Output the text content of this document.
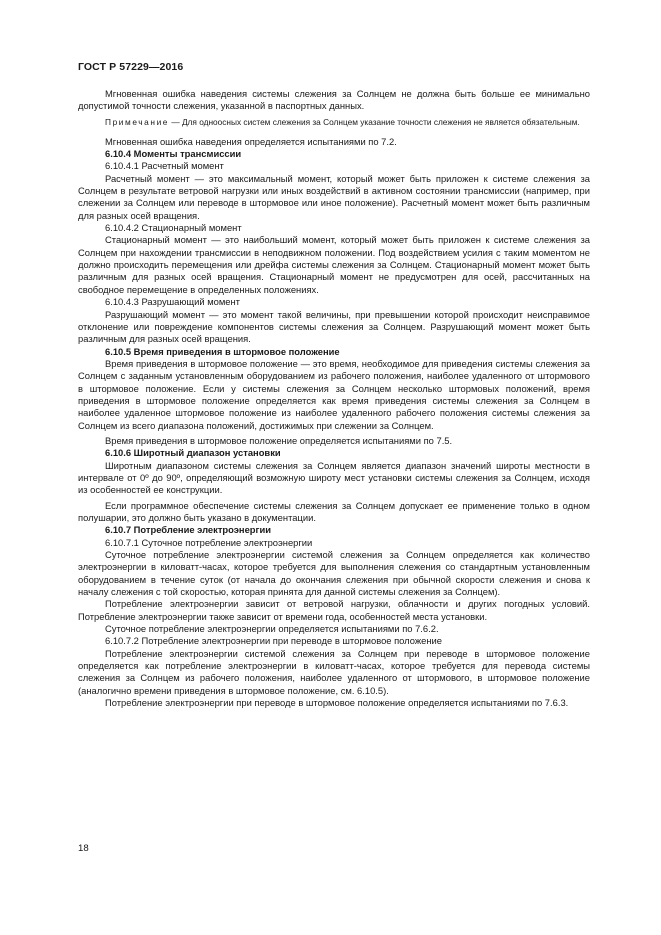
ГОСТ Р 57229—2016

Мгновенная ошибка наведения системы слежения за Солнцем не должна быть больше ее минимально допустимой точности слежения, указанной в паспортных данных.

Примечание — Для одноосных систем слежения за Солнцем указание точности слежения не является обязательным.

Мгновенная ошибка наведения определяется испытаниями по 7.2.

6.10.4 Моменты трансмиссии

6.10.4.1 Расчетный момент

Расчетный момент — это максимальный момент, который может быть приложен к системе слежения за Солнцем в результате ветровой нагрузки или иных воздействий в активном состоянии трансмиссии (например, при слежении за Солнцем или переводе в штормовое или иное положение). Расчетный момент может быть различным для разных осей вращения.

6.10.4.2 Стационарный момент

Стационарный момент — это наибольший момент, который может быть приложен к системе слежения за Солнцем при нахождении трансмиссии в неподвижном положении. Под воздействием усилия с таким моментом не должно происходить перемещения или дрейфа системы слежения за Солнцем. Стационарный момент может быть различным для разных осей вращения. Стационарный момент не предусмотрен для осей, рассчитанных на свободное перемещение в определенных положениях.

6.10.4.3 Разрушающий момент

Разрушающий момент — это момент такой величины, при превышении которой происходит неисправимое отклонение или повреждение компонентов системы слежения за Солнцем. Разрушающий момент может быть различным для разных осей вращения.

6.10.5 Время приведения в штормовое положение

Время приведения в штормовое положение — это время, необходимое для приведения системы слежения за Солнцем с заданным установленным оборудованием из рабочего положения, наиболее удаленного от штормового в штормовое положение. Если у системы слежения за Солнцем несколько штормовых положений, время приведения в штормовое положение определяется как время приведения системы слежения за Солнцем в наиболее удаленное штормовое положение из наиболее удаленного рабочего положения системы слежения за Солнцем из всего диапазона положений, достижимых при слежении за Солнцем.

Время приведения в штормовое положение определяется испытаниями по 7.5.

6.10.6 Широтный диапазон установки

Широтным диапазоном системы слежения за Солнцем является диапазон значений широты местности в интервале от 0º до 90º, определяющий возможную широту мест установки системы слежения за Солнцем, исходя из особенностей ее конструкции.

Если программное обеспечение системы слежения за Солнцем допускает ее применение только в одном полушарии, это должно быть указано в документации.

6.10.7 Потребление электроэнергии

6.10.7.1 Суточное потребление электроэнергии

Суточное потребление электроэнергии системой слежения за Солнцем определяется как количество электроэнергии в киловатт-часах, которое требуется для выполнения слежения со стандартным установленным оборудованием в течение суток (от начала до окончания слежения при обычной скорости слежения и снова к началу слежения с той скоростью, которая принята для данной системы слежения за Солнцем).

Потребление электроэнергии зависит от ветровой нагрузки, облачности и других погодных условий. Потребление электроэнергии также зависит от времени года, особенностей места установки.

Суточное потребление электроэнергии определяется испытаниями по 7.6.2.

6.10.7.2 Потребление электроэнергии при переводе в штормовое положение

Потребление электроэнергии системой слежения за Солнцем при переводе в штормовое положение определяется как потребление электроэнергии в киловатт-часах, которое требуется для перевода системы слежения за Солнцем из рабочего положения, наиболее удаленного от штормового, в штормовое положение (аналогично времени приведения в штормовое положение, см. 6.10.5).

Потребление электроэнергии при переводе в штормовое положение определяется испытаниями по 7.6.3.

18
